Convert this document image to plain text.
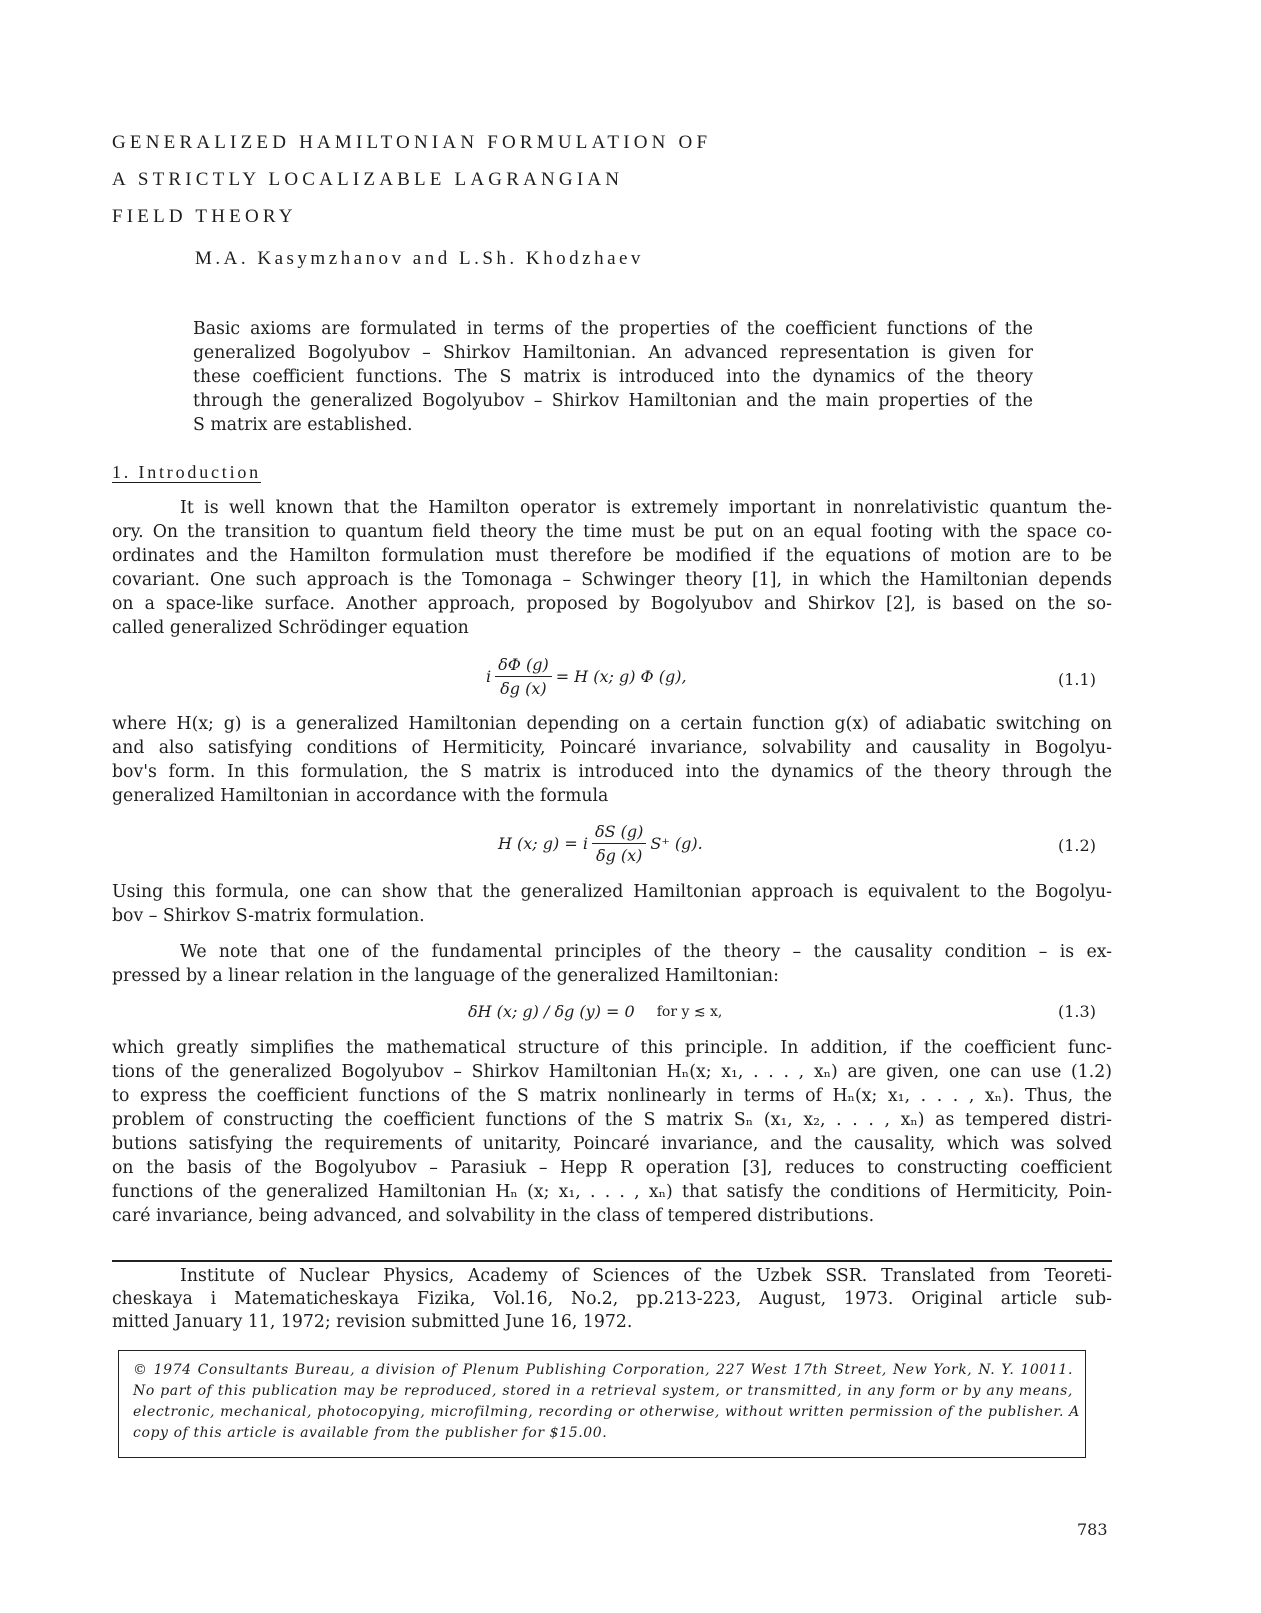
GENERALIZED HAMILTONIAN FORMULATION OF
A STRICTLY LOCALIZABLE LAGRANGIAN
FIELD THEORY
M.A. Kasymzhanov and L.Sh. Khodzhaev
Basic axioms are formulated in terms of the properties of the coefficient functions of the
generalized Bogolyubov – Shirkov Hamiltonian. An advanced representation is given for
these coefficient functions. The S matrix is introduced into the dynamics of the theory
through the generalized Bogolyubov – Shirkov Hamiltonian and the main properties of the
S matrix are established.
1. Introduction
It is well known that the Hamilton operator is extremely important in nonrelativistic quantum the-
ory. On the transition to quantum field theory the time must be put on an equal footing with the space co-
ordinates and the Hamilton formulation must therefore be modified if the equations of motion are to be
covariant. One such approach is the Tomonaga – Schwinger theory [1], in which the Hamiltonian depends
on a space-like surface. Another approach, proposed by Bogolyubov and Shirkov [2], is based on the so-
called generalized Schrödinger equation
i $\frac{\delta\Phi (g)}{\delta g (x)} = H$ (x; g) Φ (g),	(1.1)
where H(x; g) is a generalized Hamiltonian depending on a certain function g(x) of adiabatic switching on
and also satisfying conditions of Hermiticity, Poincaré invariance, solvability and causality in Bogolyu-
bov's form. In this formulation, the S matrix is introduced into the dynamics of the theory through the
generalized Hamiltonian in accordance with the formula
H (x; g) = i $\frac{\delta S (g)}{\delta g (x)} S^+$ (g).	(1.2)
Using this formula, one can show that the generalized Hamiltonian approach is equivalent to the Bogolyu-
bov – Shirkov S-matrix formulation.
We note that one of the fundamental principles of the theory – the causality condition – is ex-
pressed by a linear relation in the language of the generalized Hamiltonian:
δH (x; g) / δg (y) = 0 for y ≲ x,	(1.3)
which greatly simplifies the mathematical structure of this principle. In addition, if the coefficient func-
tions of the generalized Bogolyubov – Shirkov Hamiltonian Hₙ(x; x₁, . . . , xₙ) are given, one can use (1.2)
to express the coefficient functions of the S matrix nonlinearly in terms of Hₙ(x; x₁, . . . , xₙ). Thus, the
problem of constructing the coefficient functions of the S matrix Sₙ (x₁, x₂, . . . , xₙ) as tempered distri-
butions satisfying the requirements of unitarity, Poincaré invariance, and the causality, which was solved
on the basis of the Bogolyubov – Parasiuk – Hepp R operation [3], reduces to constructing coefficient
functions of the generalized Hamiltonian Hₙ (x; x₁, . . . , xₙ) that satisfy the conditions of Hermiticity, Poin-
caré invariance, being advanced, and solvability in the class of tempered distributions.
Institute of Nuclear Physics, Academy of Sciences of the Uzbek SSR. Translated from Teoreti-
cheskaya i Matematicheskaya Fizika, Vol.16, No.2, pp.213-223, August, 1973. Original article sub-
mitted January 11, 1972; revision submitted June 16, 1972.
© 1974 Consultants Bureau, a division of Plenum Publishing Corporation, 227 West 17th Street, New York, N. Y. 10011.
No part of this publication may be reproduced, stored in a retrieval system, or transmitted, in any form or by any means,
electronic, mechanical, photocopying, microfilming, recording or otherwise, without written permission of the publisher. A
copy of this article is available from the publisher for $15.00.
783
